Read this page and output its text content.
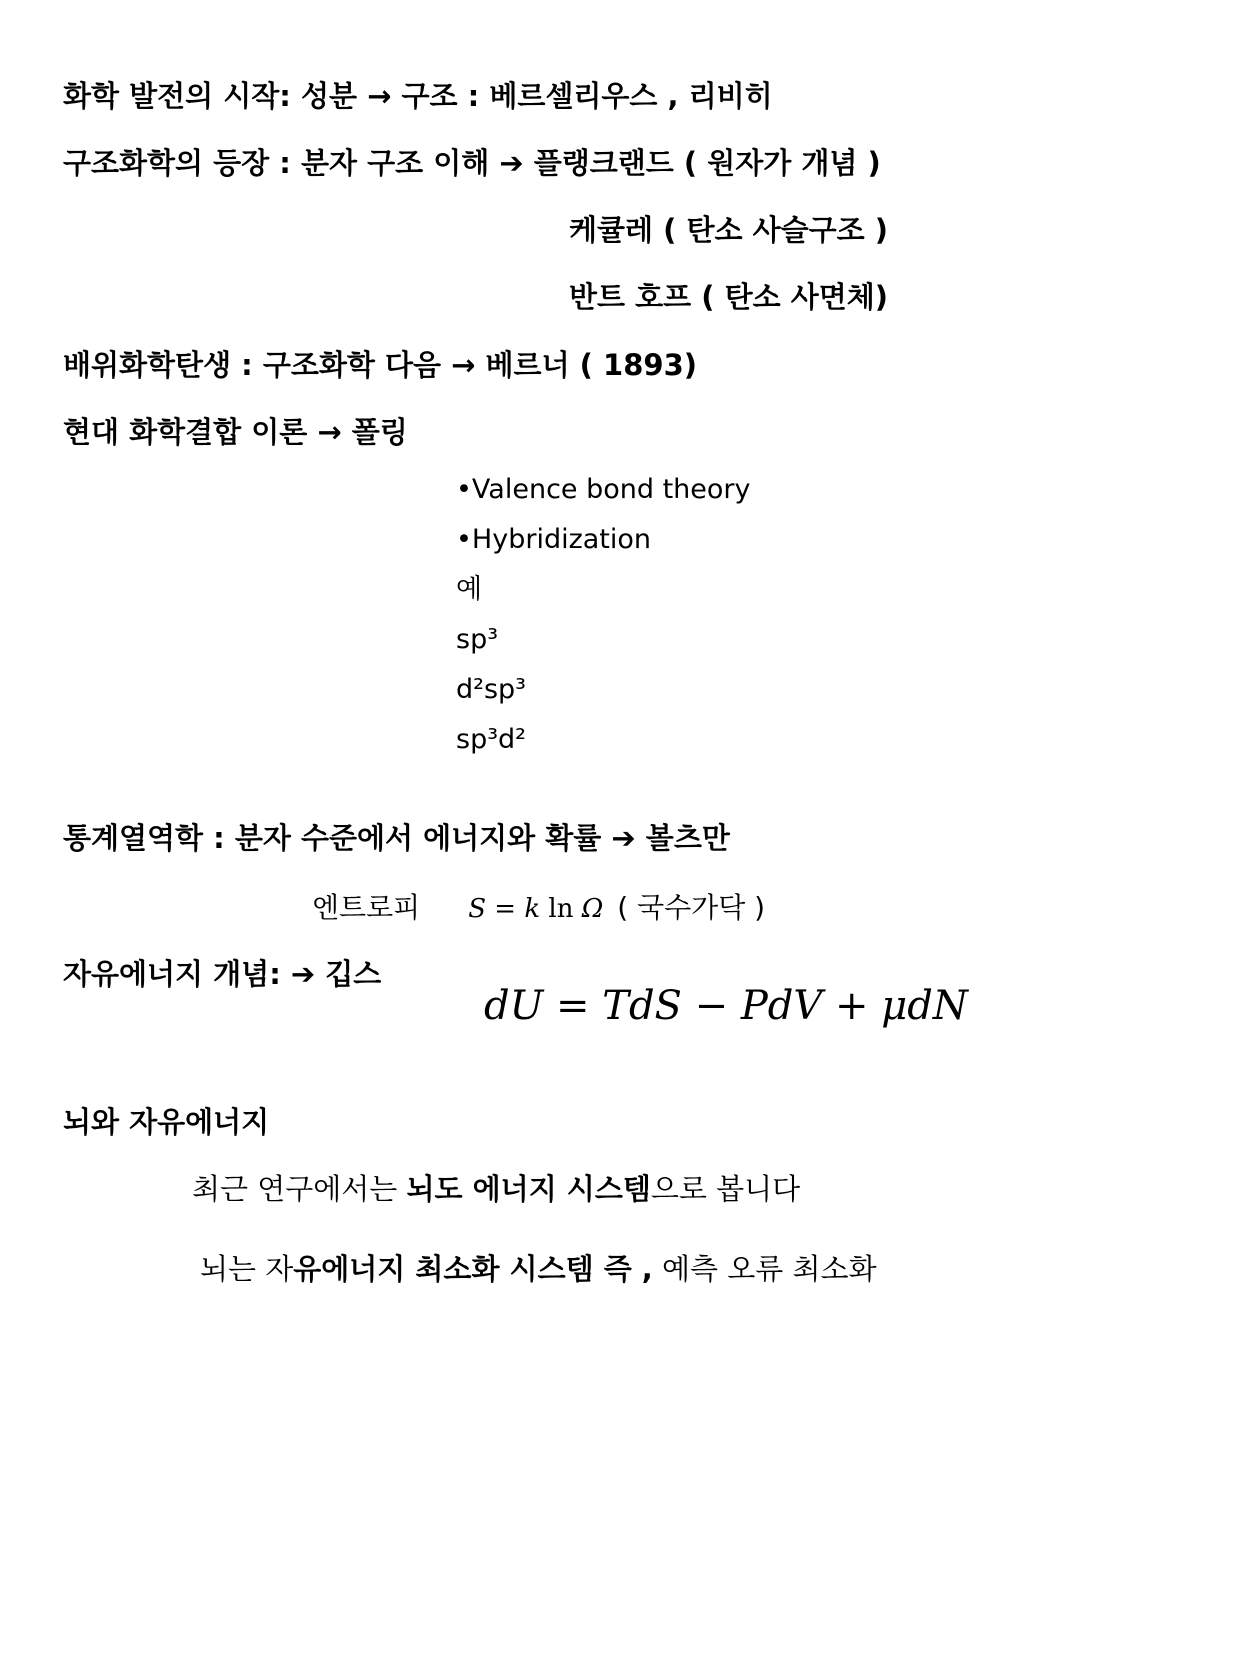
화학 발전의 시작: 성분 → 구조 : 베르셀리우스 , 리비히
구조화학의 등장 : 분자 구조 이해 ➔ 플랭크랜드 ( 원자가 개념 )
케큘레 ( 탄소 사슬구조 )
반트 호프 ( 탄소 사면체)
배위화학탄생 : 구조화학 다음 → 베르너 ( 1893)
현대 화학결합 이론 → 폴링
•Valence bond theory
•Hybridization
예
sp³
d²sp³
sp³d²
통계열역학 : 분자 수준에서 에너지와 확률 ➔ 볼츠만
엔트로피 S = k ln Ω ( 국수가닥 )
자유에너지 개념: ➔ 깁스
dU = TdS − PdV + μdN
뇌와 자유에너지
최근 연구에서는 뇌도 에너지 시스템으로 봅니다
뇌는 자유에너지 최소화 시스템 즉 , 예측 오류 최소화
